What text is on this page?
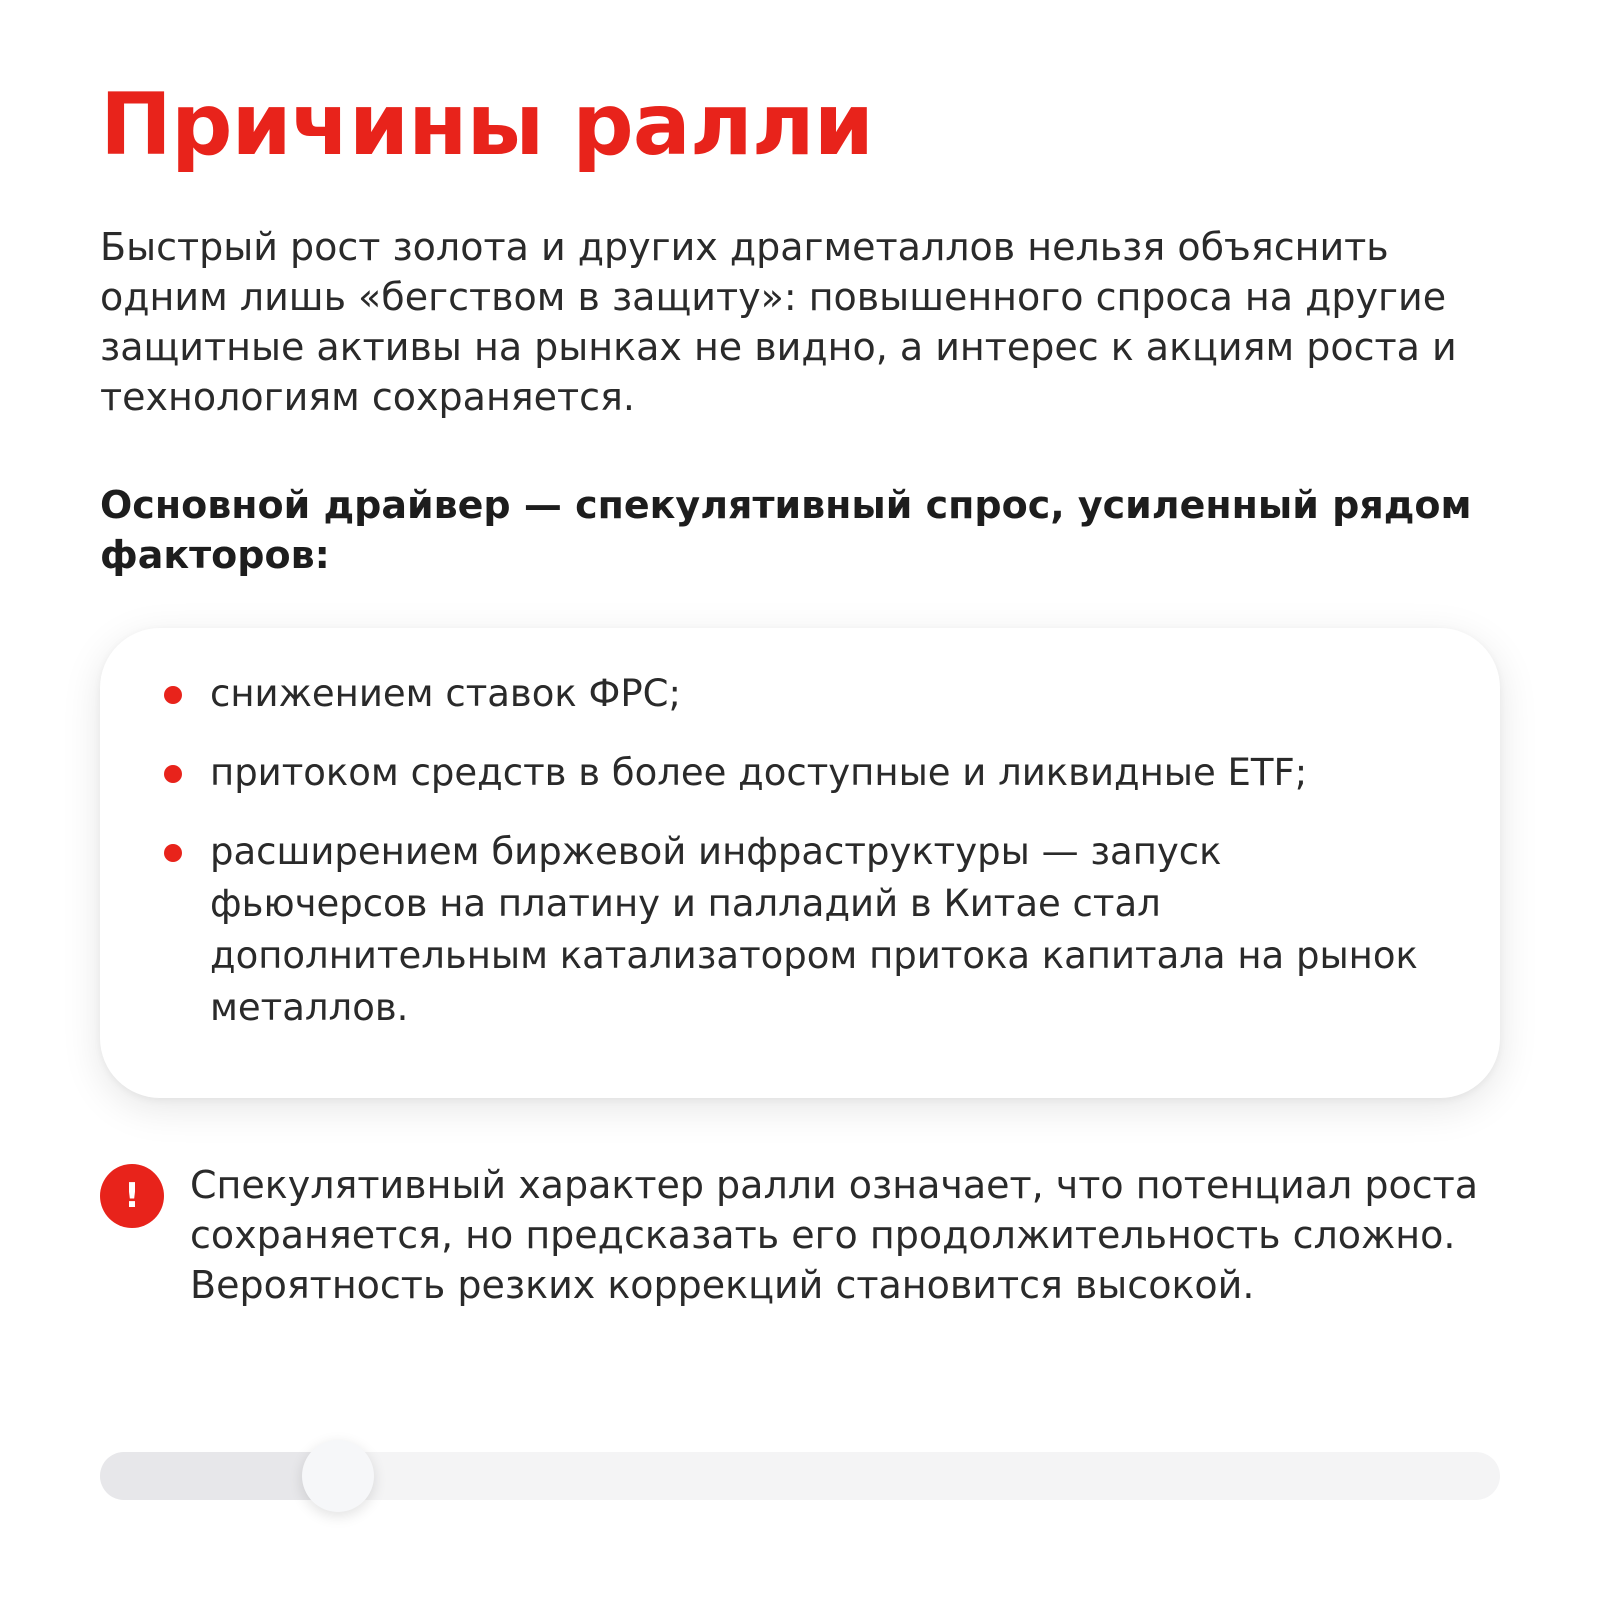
Причины ралли

Быстрый рост золота и других драгметаллов нельзя объяснить одним лишь «бегством в защиту»: повышенного спроса на другие защитные активы на рынках не видно, а интерес к акциям роста и технологиям сохраняется.

Основной драйвер — спекулятивный спрос, усиленный рядом факторов:

снижением ставок ФРС;
притоком средств в более доступные и ликвидные ETF;
расширением биржевой инфраструктуры — запуск фьючерсов на платину и палладий в Китае стал дополнительным катализатором притока капитала на рынок металлов.
!	Спекулятивный характер ралли означает, что потенциал роста сохраняется, но предсказать его продолжительность сложно. Вероятность резких коррекций становится высокой.
